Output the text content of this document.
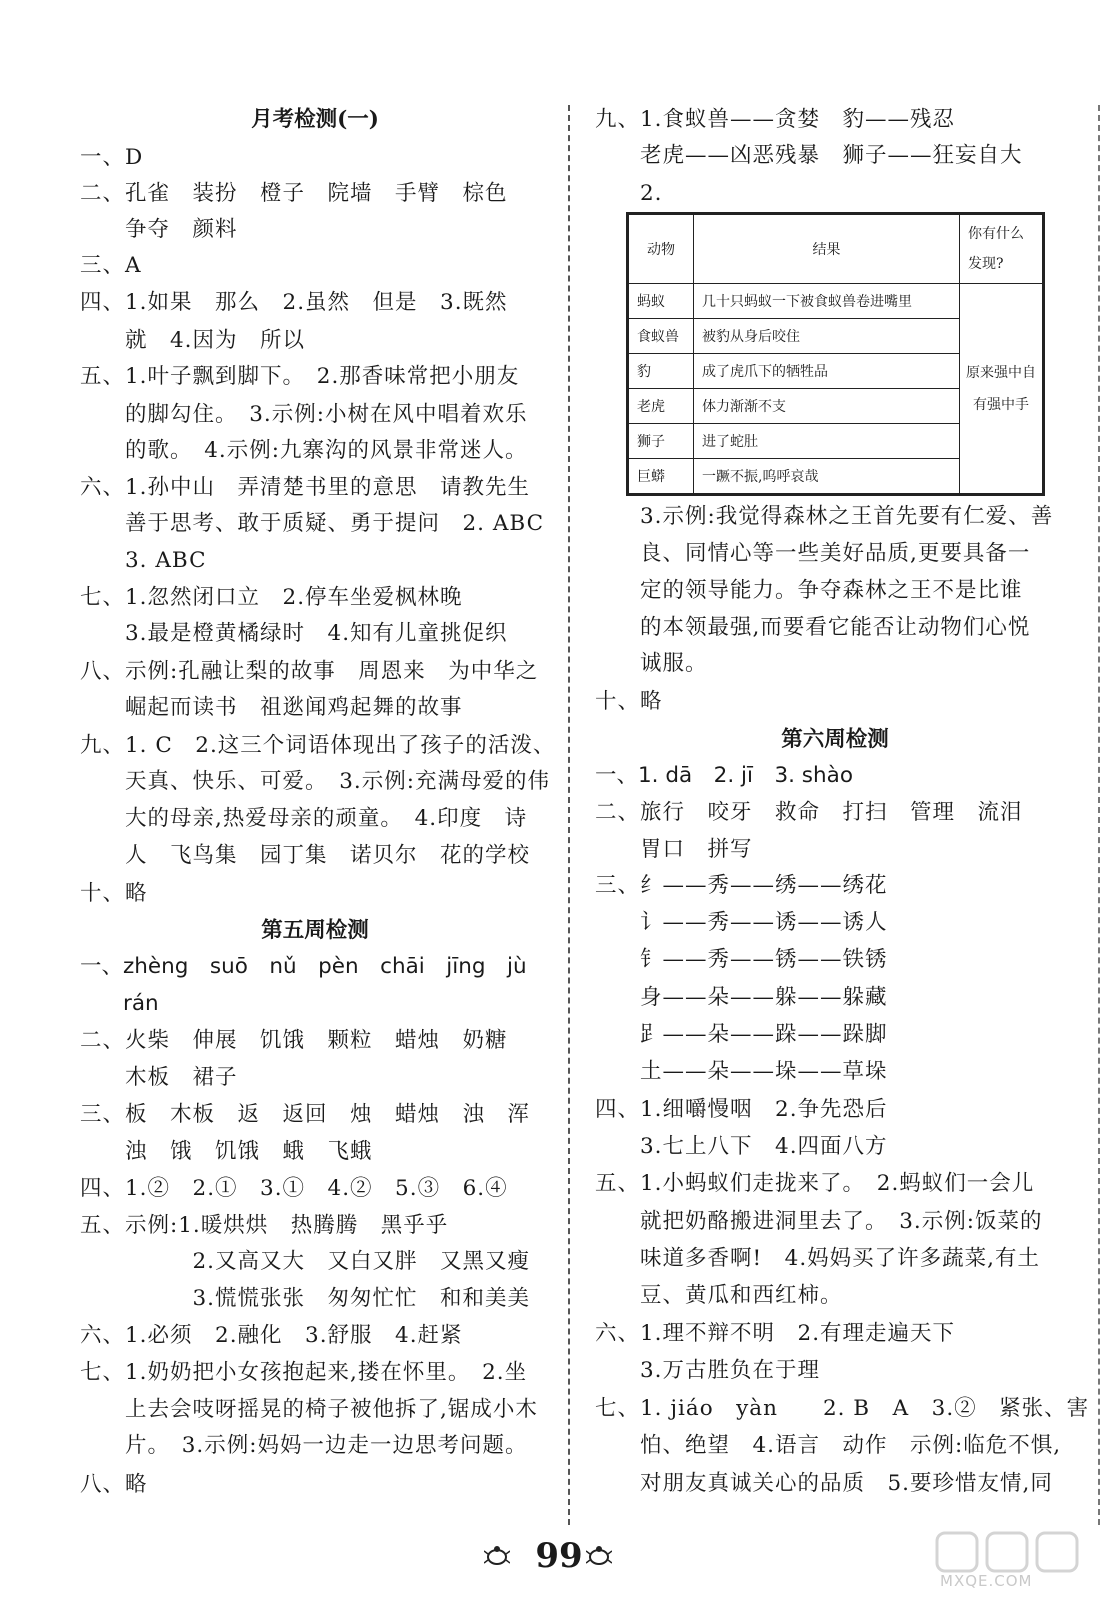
月考检测(一)
一、D
二、孔雀　装扮　橙子　院墙　手臂　棕色
　　争夺　颜料
三、A
四、1.如果　那么　2.虽然　但是　3.既然
　　就　4.因为　所以
五、1.叶子飘到脚下。　2.那香味常把小朋友
　　的脚勾住。　3.示例:小树在风中唱着欢乐
　　的歌。　4.示例:九寨沟的风景非常迷人。
六、1.孙中山　弄清楚书里的意思　请教先生
　　善于思考、敢于质疑、勇于提问　2. ABC
　　3. ABC
七、1.忽然闭口立　2.停车坐爱枫林晚
　　3.最是橙黄橘绿时　4.知有儿童挑促织
八、示例:孔融让梨的故事　周恩来　为中华之
　　崛起而读书　祖逖闻鸡起舞的故事
九、1. C　2.这三个词语体现出了孩子的活泼、
　　天真、快乐、可爱。　3.示例:充满母爱的伟
　　大的母亲,热爱母亲的顽童。　4.印度　诗
　　人　飞鸟集　园丁集　诺贝尔　花的学校
十、略
第五周检测
一、zhèng　suō　nǔ　pèn　chāi　jīng　jù
　　rán
二、火柴　伸展　饥饿　颗粒　蜡烛　奶糖
　　木板　裙子
三、板　木板　返　返回　烛　蜡烛　浊　浑
　　浊　饿　饥饿　蛾　飞蛾
四、1.②　2.①　3.①　4.②　5.③　6.④
五、示例:1.暖烘烘　热腾腾　黑乎乎
　　　　　2.又高又大　又白又胖　又黑又瘦
　　　　　3.慌慌张张　匆匆忙忙　和和美美
六、1.必须　2.融化　3.舒服　4.赶紧
七、1.奶奶把小女孩抱起来,搂在怀里。　2.坐
　　上去会吱呀摇晃的椅子被他拆了,锯成小木
　　片。　3.示例:妈妈一边走一边思考问题。
八、略
九、1.食蚁兽——贪婪　豹——残忍
　　老虎——凶恶残暴　狮子——狂妄自大
　　2.
　　3.示例:我觉得森林之王首先要有仁爱、善
　　良、同情心等一些美好品质,更要具备一
　　定的领导能力。争夺森林之王不是比谁
　　的本领最强,而要看它能否让动物们心悦
　　诚服。
十、略
第六周检测
一、1. dā　2. jī　3. shào
二、旅行　咬牙　救命　打扫　管理　流泪
　　胃口　拼写
三、纟——秀——绣——绣花
　　讠——秀——诱——诱人
　　钅——秀——锈——铁锈
　　身——朵——躲——躲藏
　　𧾷——朵——跺——跺脚
　　土——朵——垛——草垛
四、1.细嚼慢咽　2.争先恐后
　　3.七上八下　4.四面八方
五、1.小蚂蚁们走拢来了。　2.蚂蚁们一会儿
　　就把奶酪搬进洞里去了。　3.示例:饭菜的
　　味道多香啊!　4.妈妈买了许多蔬菜,有土
　　豆、黄瓜和西红柿。
六、1.理不辩不明　2.有理走遍天下
　　3.万古胜负在于理
七、1. jiáo　yàn　　2. B　A　3.②　紧张、害
　　怕、绝望　4.语言　动作　示例:临危不惧,
　　对朋友真诚关心的品质　5.要珍惜友情,同
动物	结果	你有什么发现?
蚂蚁	几十只蚂蚁一下被食蚁兽卷进嘴里	原来强中自有强中手
食蚁兽	被豹从身后咬住	
豹	成了虎爪下的牺牲品	
老虎	体力渐渐不支	
狮子	进了蛇肚	
巨蟒	一蹶不振,呜呼哀哉	
99
MXQE.COM
